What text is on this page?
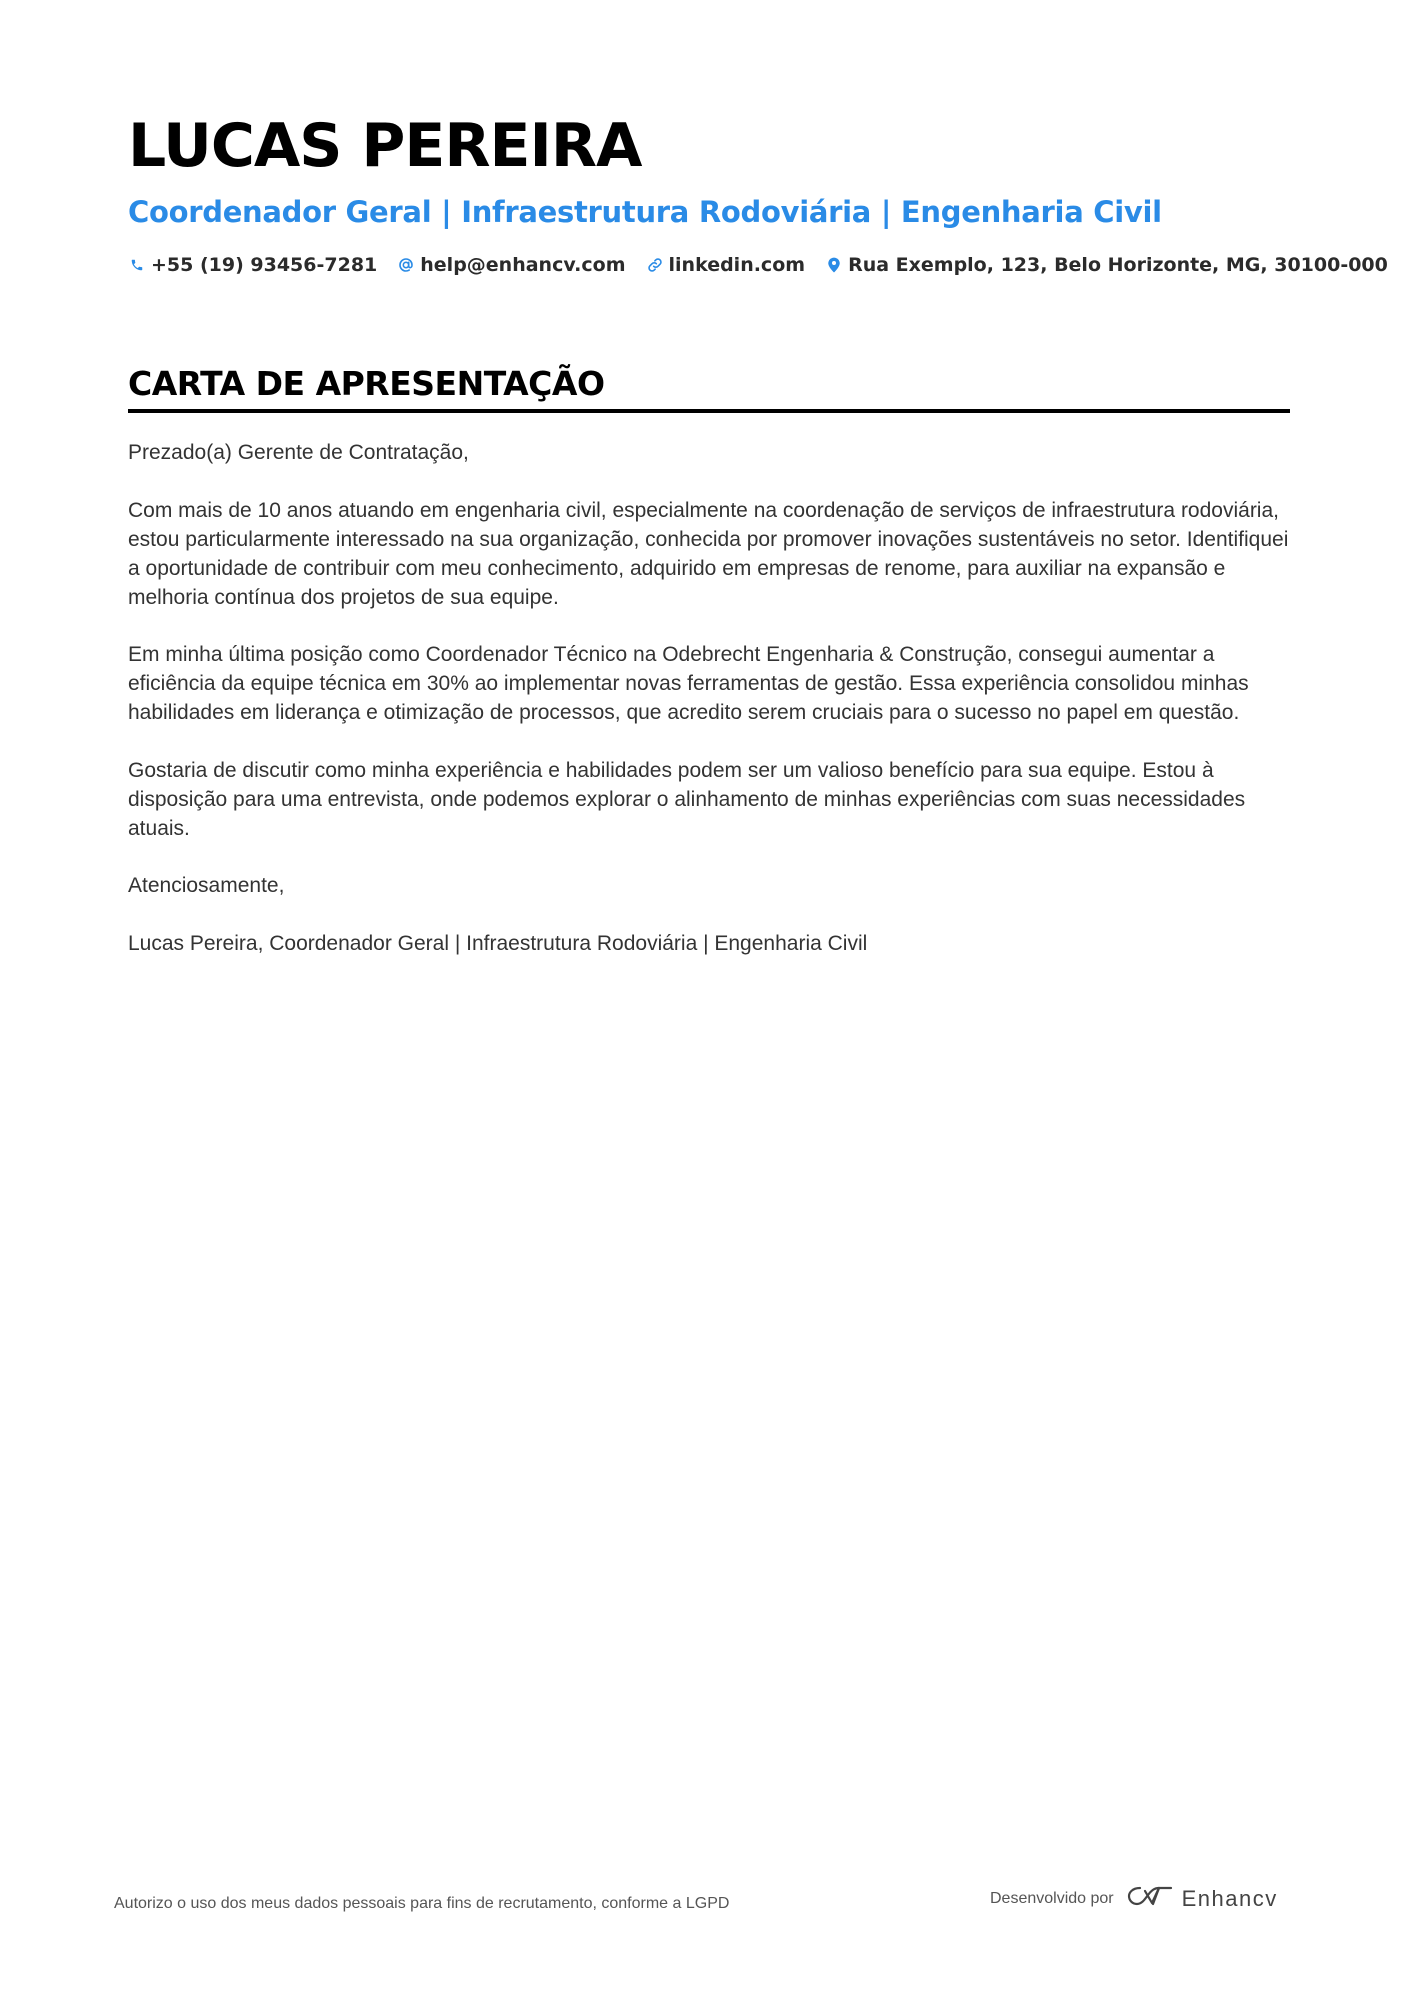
LUCAS PEREIRA
Coordenador Geral | Infraestrutura Rodoviária | Engenharia Civil
+55 (19) 93456-7281 help@enhancv.com linkedin.com Rua Exemplo, 123, Belo Horizonte, MG, 30100-000
CARTA DE APRESENTAÇÃO

Prezado(a) Gerente de Contratação,

Com mais de 10 anos atuando em engenharia civil, especialmente na coordenação de serviços de infraestrutura rodoviária, estou particularmente interessado na sua organização, conhecida por promover inovações sustentáveis no setor. Identifiquei a oportunidade de contribuir com meu conhecimento, adquirido em empresas de renome, para auxiliar na expansão e melhoria contínua dos projetos de sua equipe.

Em minha última posição como Coordenador Técnico na Odebrecht Engenharia & Construção, consegui aumentar a eficiência da equipe técnica em 30% ao implementar novas ferramentas de gestão. Essa experiência consolidou minhas habilidades em liderança e otimização de processos, que acredito serem cruciais para o sucesso no papel em questão.

Gostaria de discutir como minha experiência e habilidades podem ser um valioso benefício para sua equipe. Estou à disposição para uma entrevista, onde podemos explorar o alinhamento de minhas experiências com suas necessidades atuais.

Atenciosamente,

Lucas Pereira, Coordenador Geral | Infraestrutura Rodoviária | Engenharia Civil

Autorizo o uso dos meus dados pessoais para fins de recrutamento, conforme a LGPD	Desenvolvido por	Enhancv
